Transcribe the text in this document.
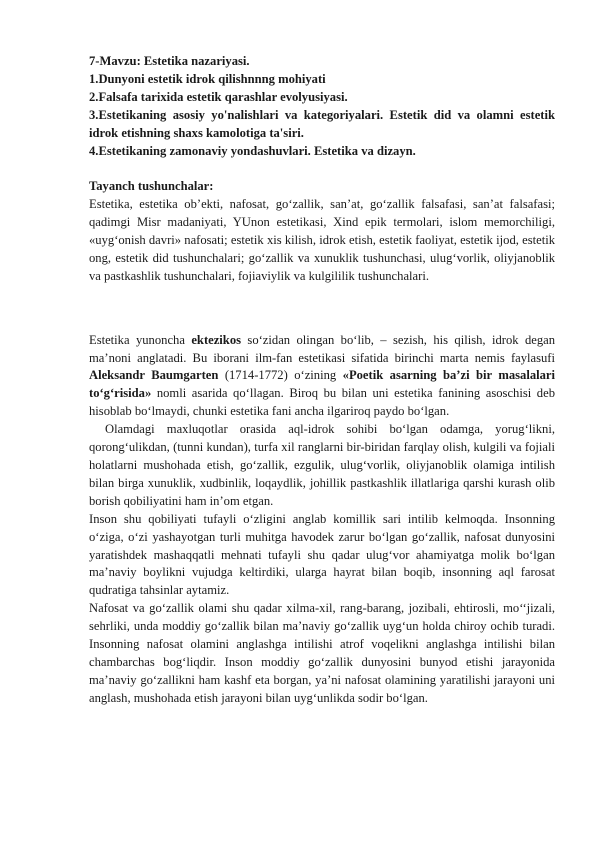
7-Mavzu: Estetika nazariyasi.

1.Dunyoni estetik idrok qilishnnng mohiyati

2.Falsafa tarixida estetik qarashlar evolyusiyasi.

3.Estetikaning asosiy yo'nalishlari va kategoriyalari. Estetik did va olamni estetik idrok etishning shaxs kamolotiga ta'siri.

4.Estetikaning zamonaviy yondashuvlari. Estetika va dizayn.

Tayanch tushunchalar:

Estetika, estetika ob’ekti, nafosat, go‘zallik, san’at, go‘zallik falsafasi, san’at falsafasi; qadimgi Misr madaniyati, YUnon estetikasi, Xind epik termolari, islom memorchiligi, «uyg‘onish davri» nafosati; estetik xis kilish, idrok etish, estetik faoliyat, estetik ijod, estetik ong, estetik did tushunchalari; go‘zallik va xunuklik tushunchasi, ulug‘vorlik, oliyjanoblik va pastkashlik tushunchalari, fojiaviylik va kulgililik tushunchalari.

Estetika yunoncha ektezikos so‘zidan olingan bo‘lib, – sezish, his qilish, idrok degan ma’noni anglatadi. Bu iborani ilm-fan estetikasi sifatida birinchi marta nemis faylasufi Aleksandr Baumgarten (1714-1772) o‘zining «Poetik asarning ba’zi bir masalalari to‘g‘risida» nomli asarida qo‘llagan. Biroq bu bilan uni estetika fanining asoschisi deb hisoblab bo‘lmaydi, chunki estetika fani ancha ilgariroq paydo bo‘lgan.

Olamdagi maxluqotlar orasida aql-idrok sohibi bo‘lgan odamga, yorug‘likni, qorong‘ulikdan, (tunni kundan), turfa xil ranglarni bir-biridan farqlay olish, kulgili va fojiali holatlarni mushohada etish, go‘zallik, ezgulik, ulug‘vorlik, oliyjanoblik olamiga intilish bilan birga xunuklik, xudbinlik, loqaydlik, johillik pastkashlik illatlariga qarshi kurash olib borish qobiliyatini ham in’om etgan.

Inson shu qobiliyati tufayli o‘zligini anglab komillik sari intilib kelmoqda. Insonning o‘ziga, o‘zi yashayotgan turli muhitga havodek zarur bo‘lgan go‘zallik, nafosat dunyosini yaratishdek mashaqqatli mehnati tufayli shu qadar ulug‘vor ahamiyatga molik bo‘lgan ma’naviy boylikni vujudga keltirdiki, ularga hayrat bilan boqib, insonning aql farosat qudratiga tahsinlar aytamiz.

Nafosat va go‘zallik olami shu qadar xilma-xil, rang-barang, jozibali, ehtirosli, mo‘‘jizali, sehrliki, unda moddiy go‘zallik bilan ma’naviy go‘zallik uyg‘un holda chiroy ochib turadi. Insonning nafosat olamini anglashga intilishi atrof voqelikni anglashga intilishi bilan chambarchas bog‘liqdir. Inson moddiy go‘zallik dunyosini bunyod etishi jarayonida ma’naviy go‘zallikni ham kashf eta borgan, ya’ni nafosat olamining yaratilishi jarayoni uni anglash, mushohada etish jarayoni bilan uyg‘unlikda sodir bo‘lgan.
